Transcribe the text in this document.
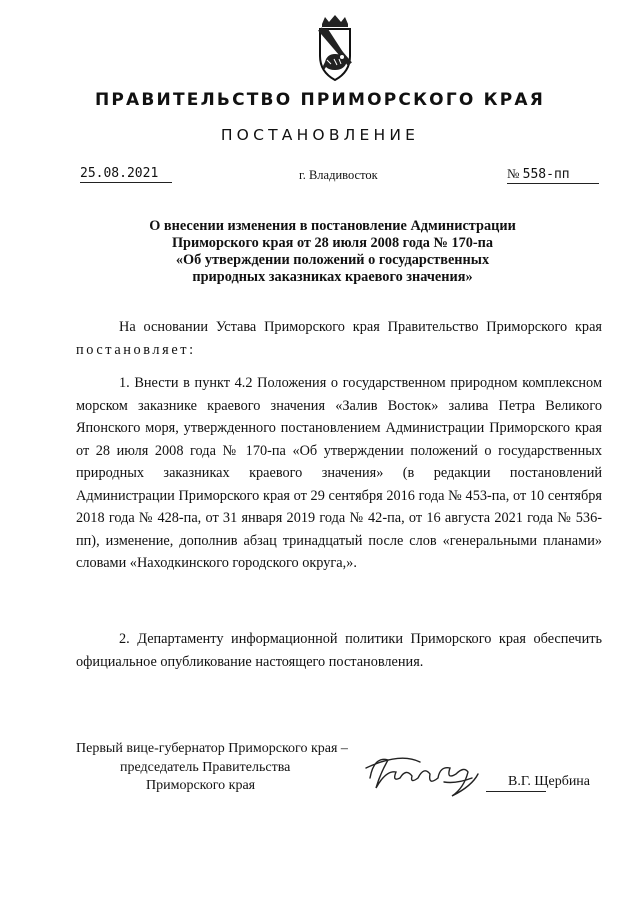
ПРАВИТЕЛЬСТВО ПРИМОРСКОГО КРАЯ
ПОСТАНОВЛЕНИЕ
25.08.2021	г. Владивосток	№ 558-пп
О внесении изменения в постановление Администрации
Приморского края от 28 июля 2008 года № 170-па
«Об утверждении положений о государственных
природных заказниках краевого значения»

На основании Устава Приморского края Правительство Приморского края постановляет:

1. Внести в пункт 4.2 Положения о государственном природном комплексном морском заказнике краевого значения «Залив Восток» залива Петра Великого Японского моря, утвержденного постановлением Администрации Приморского края от 28 июля 2008 года № 170-па «Об утверждении положений о государственных природных заказниках краевого значения» (в редакции постановлений Администрации Приморского края от 29 сентября 2016 года № 453-па, от 10 сентября 2018 года № 428-па, от 31 января 2019 года № 42-па, от 16 августа 2021 года № 536-пп), изменение, дополнив абзац тринадцатый после слов «генеральными планами» словами «Находкинского городского округа,».

2. Департаменту информационной политики Приморского края обеспечить официальное опубликование настоящего постановления.

Первый вице-губернатор Приморского края –
председатель Правительства
Приморского края	В.Г. Щербина
